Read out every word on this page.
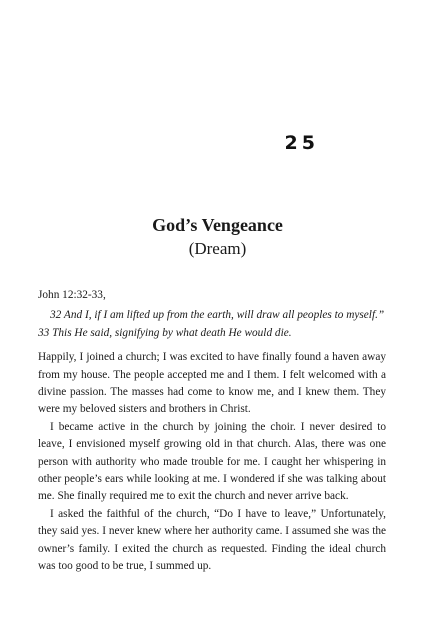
25
God’s Vengeance
(Dream)
John 12:32-33,
32 And I, if I am lifted up from the earth, will draw all peoples to myself.”
33 This He said, signifying by what death He would die.

Happily, I joined a church; I was excited to have finally found a haven away from my house. The people accepted me and I them. I felt welcomed with a divine passion. The masses had come to know me, and I knew them. They were my beloved sisters and brothers in Christ.

I became active in the church by joining the choir. I never desired to leave, I envisioned myself growing old in that church. Alas, there was one person with authority who made trouble for me. I caught her whispering in other people’s ears while looking at me. I wondered if she was talking about me. She finally required me to exit the church and never arrive back.

I asked the faithful of the church, “Do I have to leave,” Unfortunately, they said yes. I never knew where her authority came. I assumed she was the owner’s family. I exited the church as requested. Finding the ideal church was too good to be true, I summed up.
